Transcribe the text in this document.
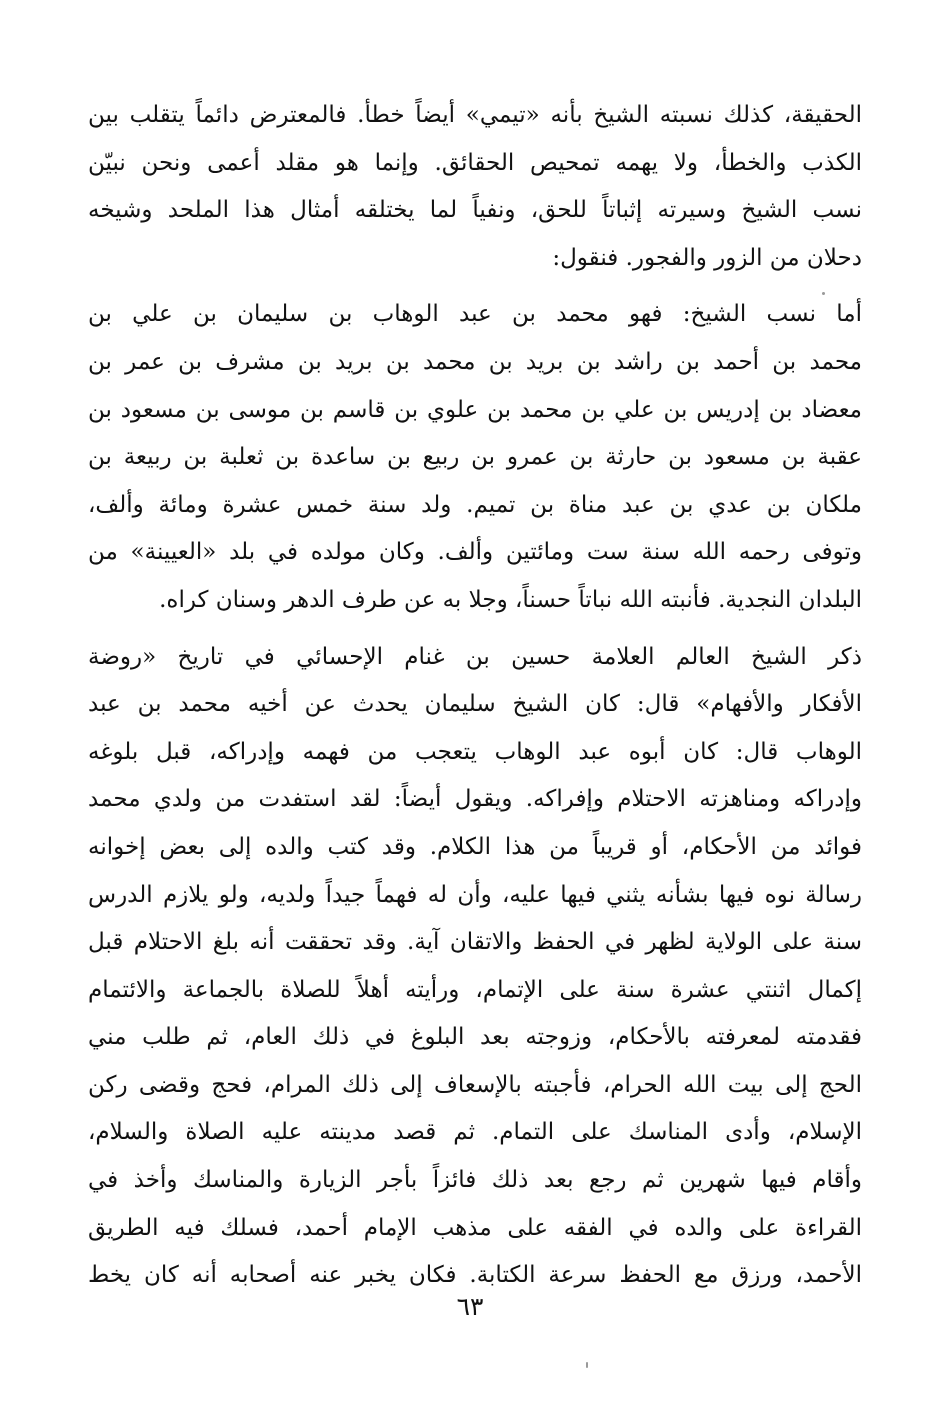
الحقيقة، كذلك نسبته الشيخ بأنه «تيمي» أيضاً خطأ. فالمعترض دائماً يتقلب بين
الكذب والخطأ، ولا يهمه تمحيص الحقائق. وإنما هو مقلد أعمى ونحن نبيّن
نسب الشيخ وسيرته إثباتاً للحق، ونفياً لما يختلقه أمثال هذا الملحد وشيخه
دحلان من الزور والفجور. فنقول:
أما نسب الشيخ: فهو محمد بن عبد الوهاب بن سليمان بن علي بن
محمد بن أحمد بن راشد بن بريد بن محمد بن بريد بن مشرف بن عمر بن
معضاد بن إدريس بن علي بن محمد بن علوي بن قاسم بن موسى بن مسعود بن
عقبة بن مسعود بن حارثة بن عمرو بن ربيع بن ساعدة بن ثعلبة بن ربيعة بن
ملكان بن عدي بن عبد مناة بن تميم. ولد سنة خمس عشرة ومائة وألف،
وتوفى رحمه الله سنة ست ومائتين وألف. وكان مولده في بلد «العيينة» من
البلدان النجدية. فأنبته الله نباتاً حسناً، وجلا به عن طرف الدهر وسنان كراه.
ذكر الشيخ العالم العلامة حسين بن غنام الإحسائي في تاريخ «روضة
الأفكار والأفهام» قال: كان الشيخ سليمان يحدث عن أخيه محمد بن عبد
الوهاب قال: كان أبوه عبد الوهاب يتعجب من فهمه وإدراكه، قبل بلوغه
وإدراكه ومناهزته الاحتلام وإفراكه. ويقول أيضاً: لقد استفدت من ولدي محمد
فوائد من الأحكام، أو قريباً من هذا الكلام. وقد كتب والده إلى بعض إخوانه
رسالة نوه فيها بشأنه يثني فيها عليه، وأن له فهماً جيداً ولديه، ولو يلازم الدرس
سنة على الولاية لظهر في الحفظ والاتقان آية. وقد تحققت أنه بلغ الاحتلام قبل
إكمال اثنتي عشرة سنة على الإتمام، ورأيته أهلاً للصلاة بالجماعة والائتمام
فقدمته لمعرفته بالأحكام، وزوجته بعد البلوغ في ذلك العام، ثم طلب مني
الحج إلى بيت الله الحرام، فأجبته بالإسعاف إلى ذلك المرام، فحج وقضى ركن
الإسلام، وأدى المناسك على التمام. ثم قصد مدينته عليه الصلاة والسلام،
وأقام فيها شهرين ثم رجع بعد ذلك فائزاً بأجر الزيارة والمناسك وأخذ في
القراءة على والده في الفقه على مذهب الإمام أحمد، فسلك فيه الطريق
الأحمد، ورزق مع الحفظ سرعة الكتابة. فكان يخبر عنه أصحابه أنه كان يخط
٦٣
